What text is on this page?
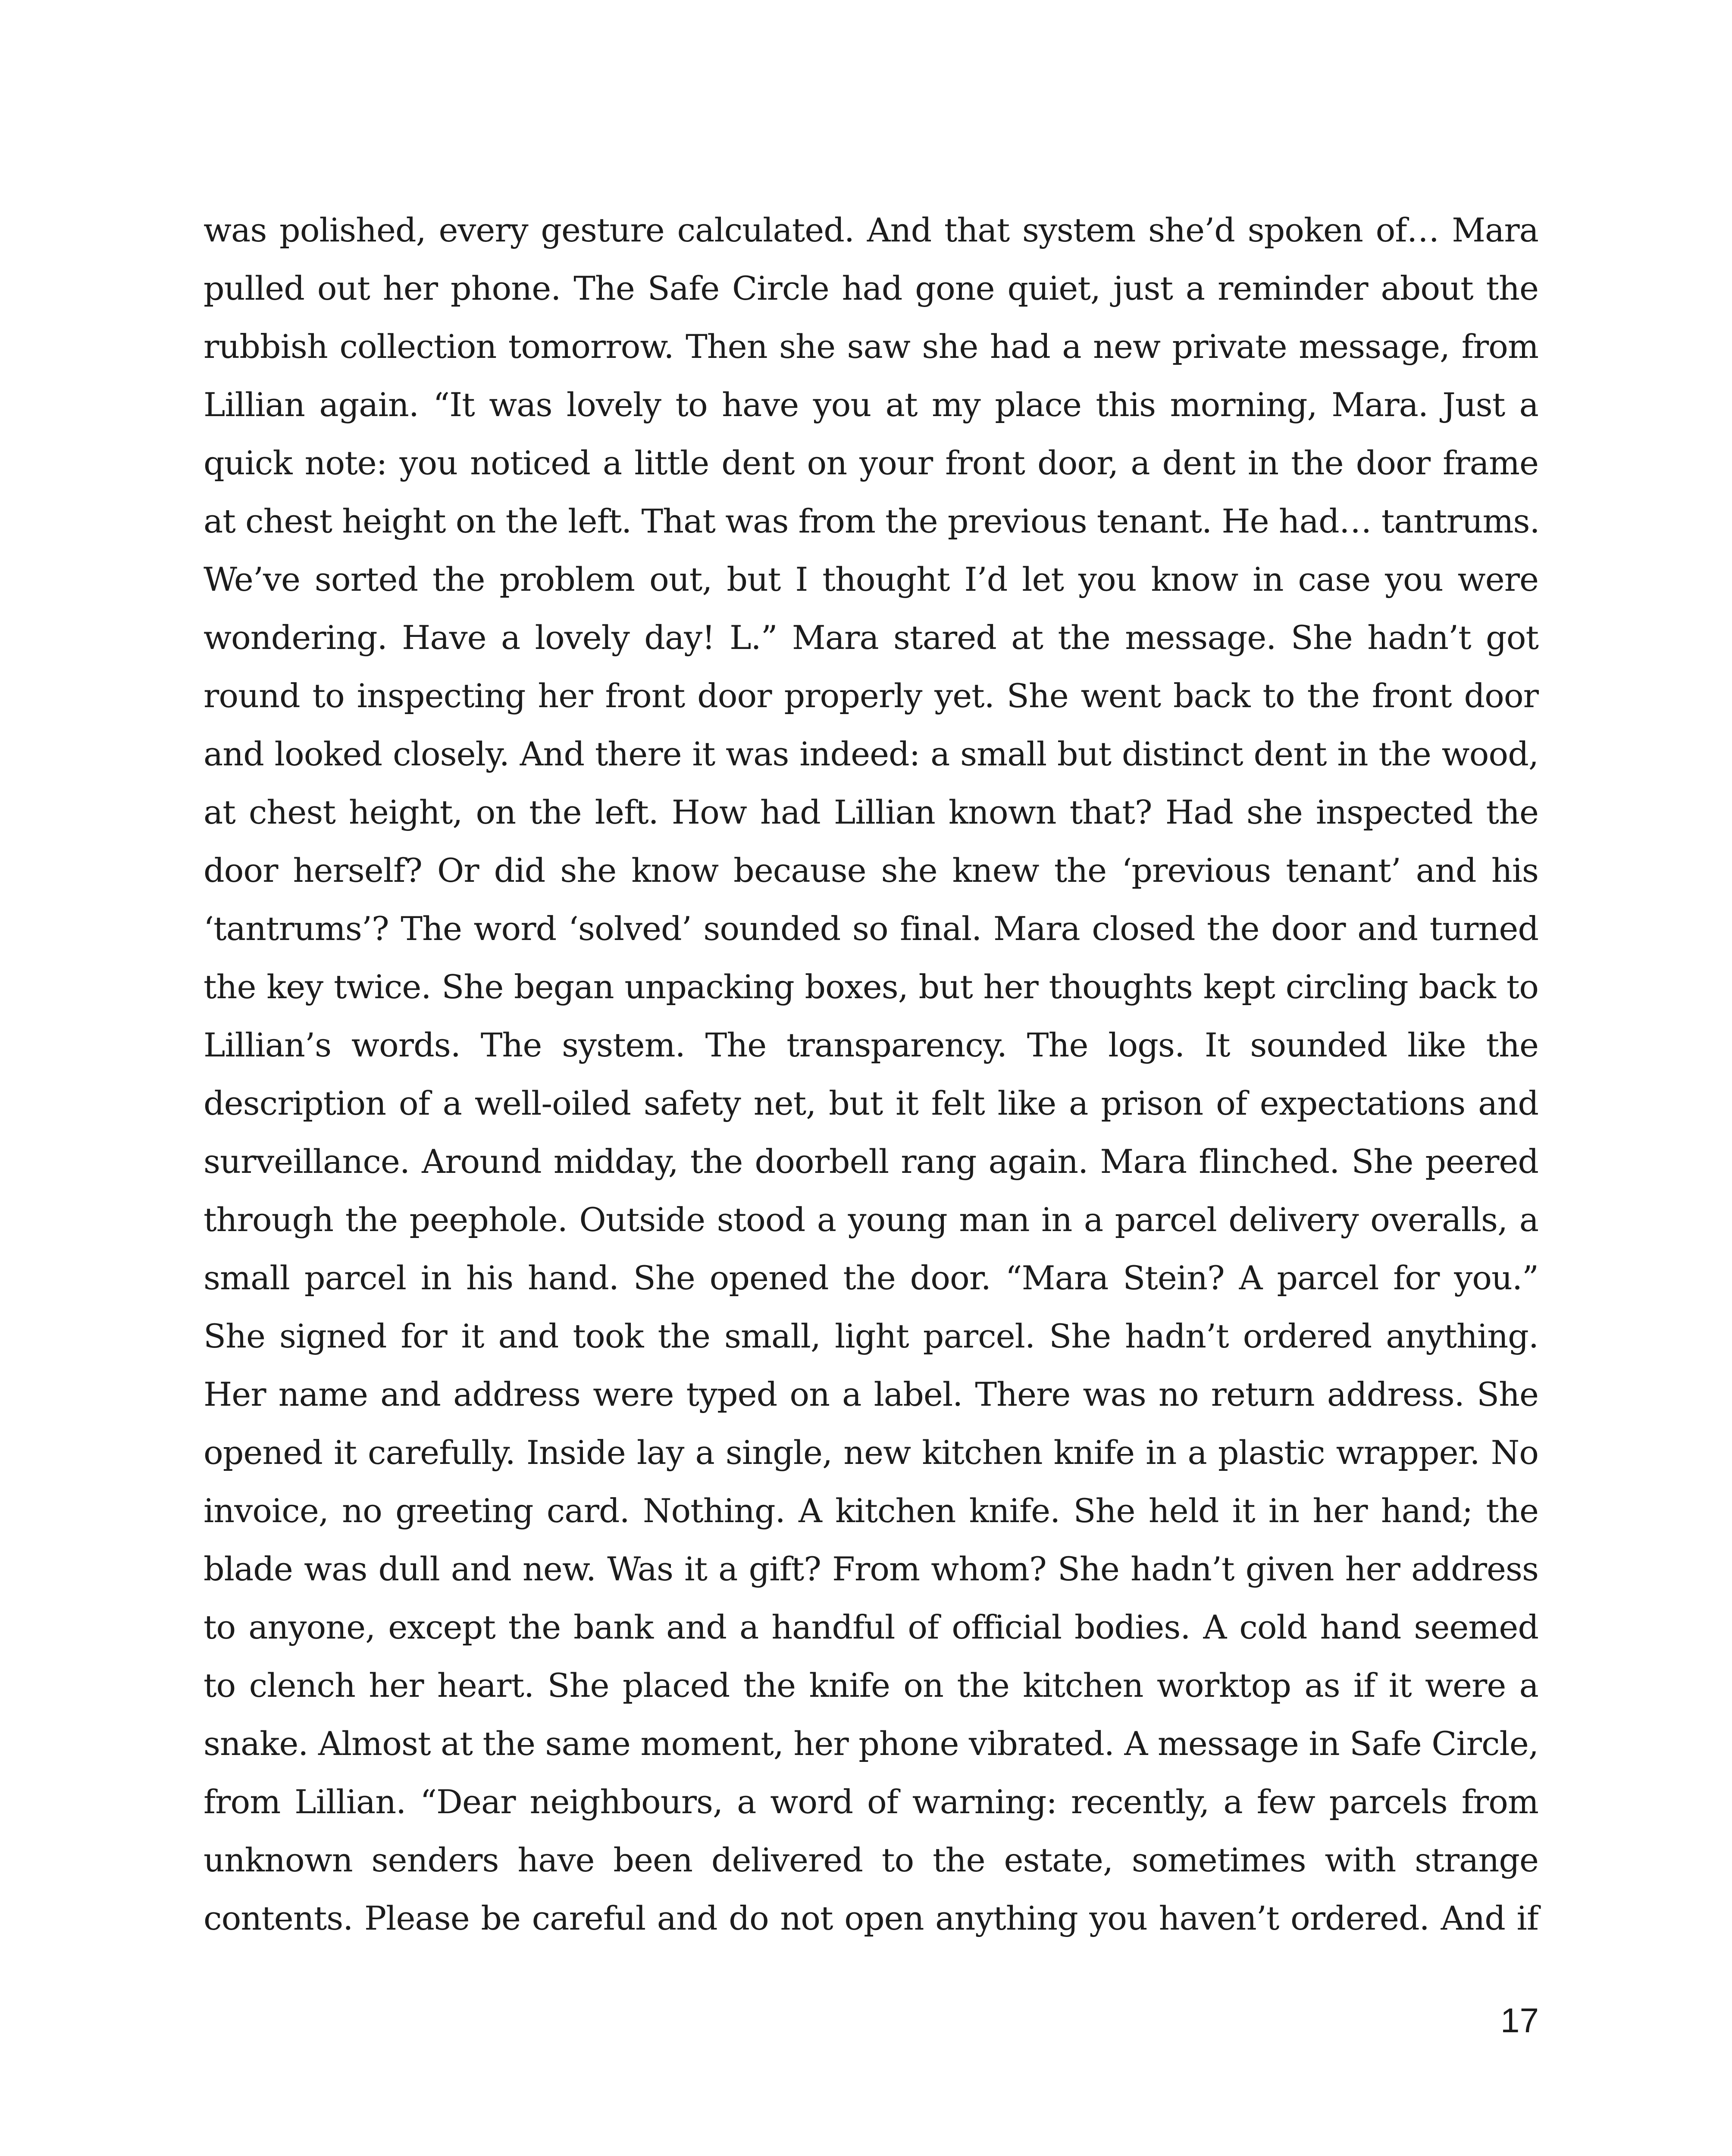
was polished, every gesture calculated. And that system she’d spoken of… Mara
pulled out her phone. The Safe Circle had gone quiet, just a reminder about the
rubbish collection tomorrow. Then she saw she had a new private message, from
Lillian again. “It was lovely to have you at my place this morning, Mara. Just a
quick note: you noticed a little dent on your front door, a dent in the door frame
at chest height on the left. That was from the previous tenant. He had… tantrums.
We’ve sorted the problem out, but I thought I’d let you know in case you were
wondering. Have a lovely day! L.” Mara stared at the message. She hadn’t got
round to inspecting her front door properly yet. She went back to the front door
and looked closely. And there it was indeed: a small but distinct dent in the wood,
at chest height, on the left. How had Lillian known that? Had she inspected the
door herself? Or did she know because she knew the ‘previous tenant’ and his
‘tantrums’? The word ‘solved’ sounded so final. Mara closed the door and turned
the key twice. She began unpacking boxes, but her thoughts kept circling back to
Lillian’s words. The system. The transparency. The logs. It sounded like the
description of a well-oiled safety net, but it felt like a prison of expectations and
surveillance. Around midday, the doorbell rang again. Mara flinched. She peered
through the peephole. Outside stood a young man in a parcel delivery overalls, a
small parcel in his hand. She opened the door. “Mara Stein? A parcel for you.”
She signed for it and took the small, light parcel. She hadn’t ordered anything.
Her name and address were typed on a label. There was no return address. She
opened it carefully. Inside lay a single, new kitchen knife in a plastic wrapper. No
invoice, no greeting card. Nothing. A kitchen knife. She held it in her hand; the
blade was dull and new. Was it a gift? From whom? She hadn’t given her address
to anyone, except the bank and a handful of official bodies. A cold hand seemed
to clench her heart. She placed the knife on the kitchen worktop as if it were a
snake. Almost at the same moment, her phone vibrated. A message in Safe Circle,
from Lillian. “Dear neighbours, a word of warning: recently, a few parcels from
unknown senders have been delivered to the estate, sometimes with strange
contents. Please be careful and do not open anything you haven’t ordered. And if
17
